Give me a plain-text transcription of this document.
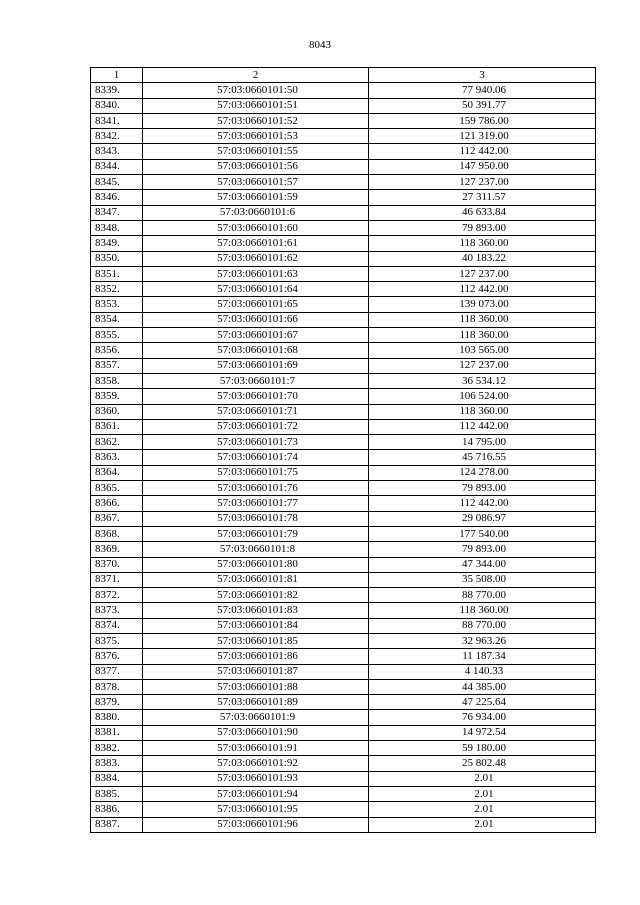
8043
1	2	3
8339.	57:03:0660101:50	77 940.06
8340.	57:03:0660101:51	50 391.77
8341.	57:03:0660101:52	159 786.00
8342.	57:03:0660101:53	121 319.00
8343.	57:03:0660101:55	112 442.00
8344.	57:03:0660101:56	147 950.00
8345.	57:03:0660101:57	127 237.00
8346.	57:03:0660101:59	27 311.57
8347.	57:03:0660101:6	46 633.84
8348.	57:03:0660101:60	79 893.00
8349.	57:03:0660101:61	118 360.00
8350.	57:03:0660101:62	40 183.22
8351.	57:03:0660101:63	127 237.00
8352.	57:03:0660101:64	112 442.00
8353.	57:03:0660101:65	139 073.00
8354.	57:03:0660101:66	118 360.00
8355.	57:03:0660101:67	118 360.00
8356.	57:03:0660101:68	103 565.00
8357.	57:03:0660101:69	127 237.00
8358.	57:03:0660101:7	36 534.12
8359.	57:03:0660101:70	106 524.00
8360.	57:03:0660101:71	118 360.00
8361.	57:03:0660101:72	112 442.00
8362.	57:03:0660101:73	14 795.00
8363.	57:03:0660101:74	45 716.55
8364.	57:03:0660101:75	124 278.00
8365.	57:03:0660101:76	79 893.00
8366.	57:03:0660101:77	112 442.00
8367.	57:03:0660101:78	29 086.97
8368.	57:03:0660101:79	177 540.00
8369.	57:03:0660101:8	79 893.00
8370.	57:03:0660101:80	47 344.00
8371.	57:03:0660101:81	35 508.00
8372.	57:03:0660101:82	88 770.00
8373.	57:03:0660101:83	118 360.00
8374.	57:03:0660101:84	88 770.00
8375.	57:03:0660101:85	32 963.26
8376.	57:03:0660101:86	11 187.34
8377.	57:03:0660101:87	4 140.33
8378.	57:03:0660101:88	44 385.00
8379.	57:03:0660101:89	47 225.64
8380.	57:03:0660101:9	76 934.00
8381.	57:03:0660101:90	14 972.54
8382.	57:03:0660101:91	59 180.00
8383.	57:03:0660101:92	25 802.48
8384.	57:03:0660101:93	2.01
8385.	57:03:0660101:94	2.01
8386.	57:03:0660101:95	2.01
8387.	57:03:0660101:96	2.01
